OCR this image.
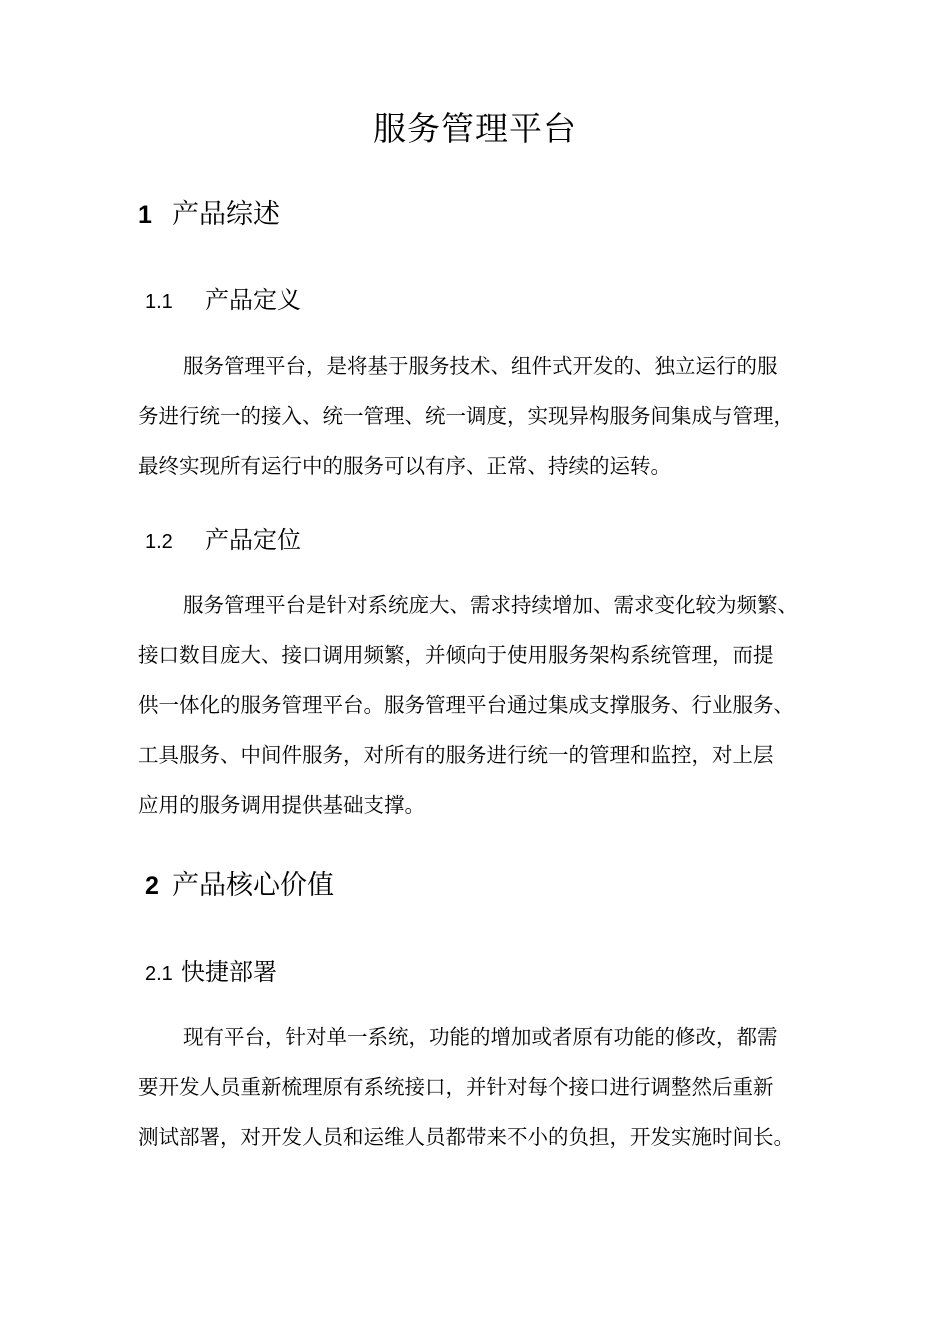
服务管理平台
1 产品综述
1.1 产品定义
服务管理平台，是将基于服务技术、组件式开发的、独立运行的服
务进行统一的接入、统一管理、统一调度，实现异构服务间集成与管理，
最终实现所有运行中的服务可以有序、正常、持续的运转。
1.2 产品定位
服务管理平台是针对系统庞大、需求持续增加、需求变化较为频繁、
接口数目庞大、接口调用频繁，并倾向于使用服务架构系统管理，而提
供一体化的服务管理平台。服务管理平台通过集成支撑服务、行业服务、
工具服务、中间件服务，对所有的服务进行统一的管理和监控，对上层
应用的服务调用提供基础支撑。
2 产品核心价值
2.1 快捷部署
现有平台，针对单一系统，功能的增加或者原有功能的修改，都需
要开发人员重新梳理原有系统接口，并针对每个接口进行调整然后重新
测试部署，对开发人员和运维人员都带来不小的负担，开发实施时间长。
